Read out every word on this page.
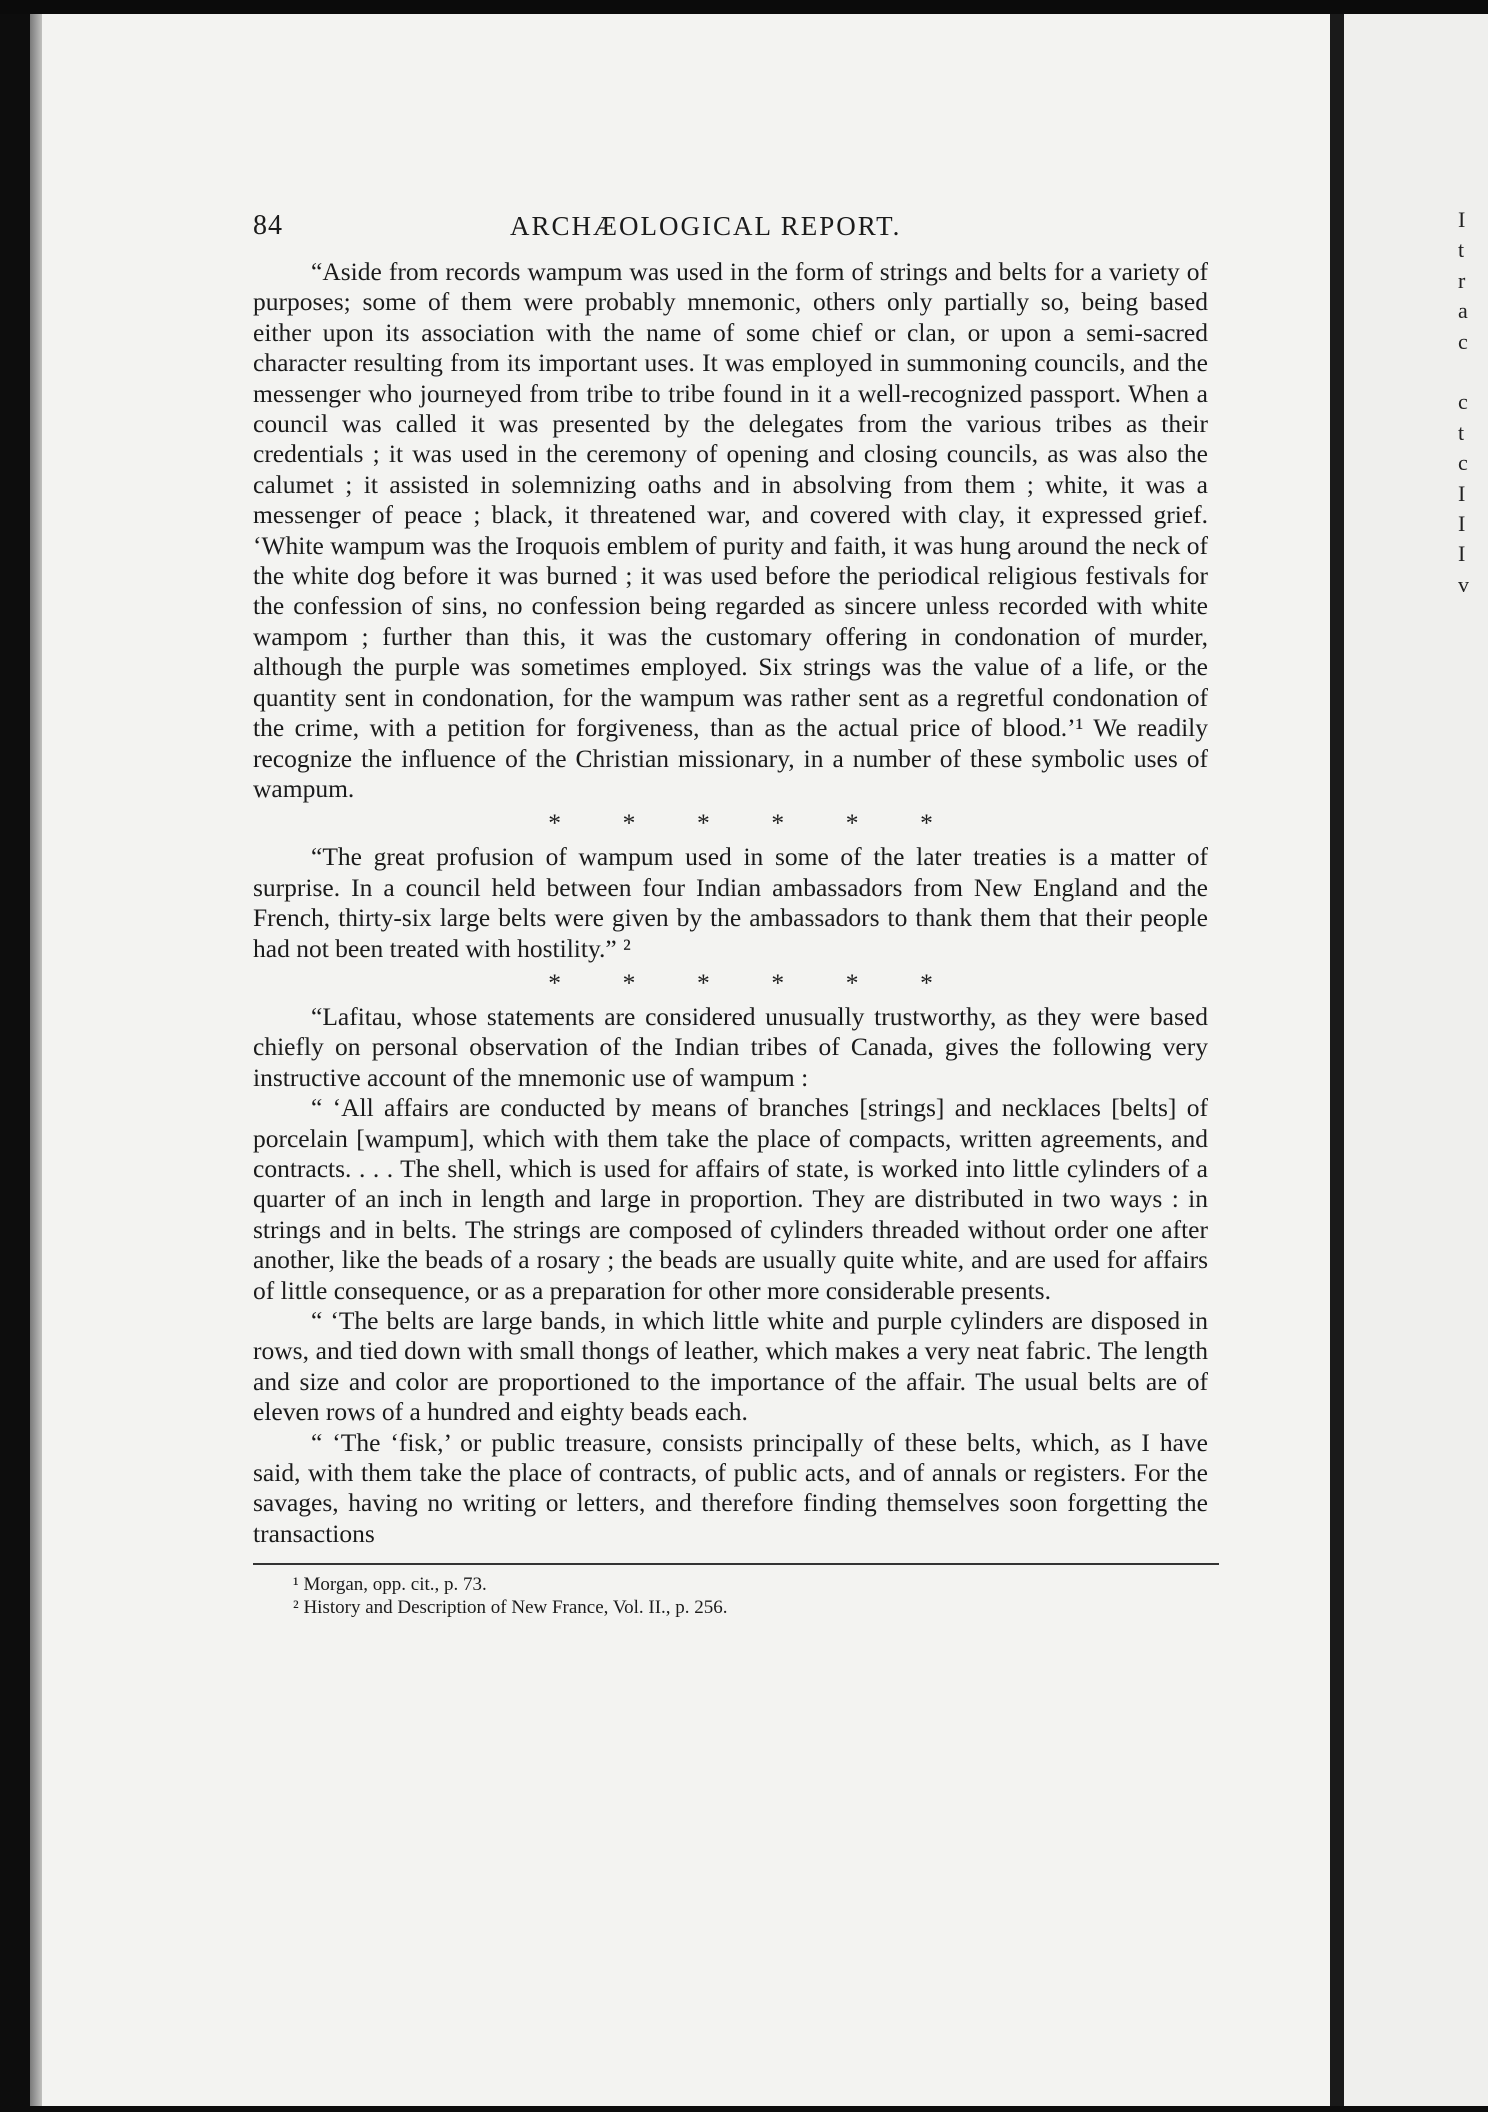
I
t
r
a
c
c
t
c
I
I
I
v
84	ARCHÆOLOGICAL REPORT.

“Aside from records wampum was used in the form of strings and belts for a variety of purposes; some of them were probably mnemonic, others only partially so, being based either upon its association with the name of some chief or clan, or upon a semi-sacred character resulting from its important uses. It was employed in summoning councils, and the messenger who journeyed from tribe to tribe found in it a well-recognized passport. When a council was called it was presented by the delegates from the various tribes as their credentials ; it was used in the ceremony of opening and closing councils, as was also the calumet ; it assisted in solemnizing oaths and in absolving from them ; white, it was a messenger of peace ; black, it threatened war, and covered with clay, it expressed grief. ‘White wampum was the Iroquois emblem of purity and faith, it was hung around the neck of the white dog before it was burned ; it was used before the periodical religious festivals for the confession of sins, no confession being regarded as sincere unless recorded with white wampom ; further than this, it was the customary offering in condonation of murder, although the purple was sometimes employed. Six strings was the value of a life, or the quantity sent in condonation, for the wampum was rather sent as a regretful condonation of the crime, with a petition for forgiveness, than as the actual price of blood.’¹ We readily recognize the influence of the Christian missionary, in a number of these symbolic uses of wampum.

* * * * * *

“The great profusion of wampum used in some of the later treaties is a matter of surprise. In a council held between four Indian ambassadors from New England and the French, thirty-six large belts were given by the ambassadors to thank them that their people had not been treated with hostility.” ²

* * * * * *

“Lafitau, whose statements are considered unusually trustworthy, as they were based chiefly on personal observation of the Indian tribes of Canada, gives the following very instructive account of the mnemonic use of wampum :

“ ‘All affairs are conducted by means of branches [strings] and necklaces [belts] of porcelain [wampum], which with them take the place of compacts, written agreements, and contracts. . . . The shell, which is used for affairs of state, is worked into little cylinders of a quarter of an inch in length and large in proportion. They are distributed in two ways : in strings and in belts. The strings are composed of cylinders threaded without order one after another, like the beads of a rosary ; the beads are usually quite white, and are used for affairs of little consequence, or as a preparation for other more considerable presents.

“ ‘The belts are large bands, in which little white and purple cylinders are disposed in rows, and tied down with small thongs of leather, which makes a very neat fabric. The length and size and color are proportioned to the importance of the affair. The usual belts are of eleven rows of a hundred and eighty beads each.

“ ‘The ‘fisk,’ or public treasure, consists principally of these belts, which, as I have said, with them take the place of contracts, of public acts, and of annals or registers. For the savages, having no writing or letters, and therefore finding themselves soon forgetting the transactions

¹ Morgan, opp. cit., p. 73.
² History and Description of New France, Vol. II., p. 256.
